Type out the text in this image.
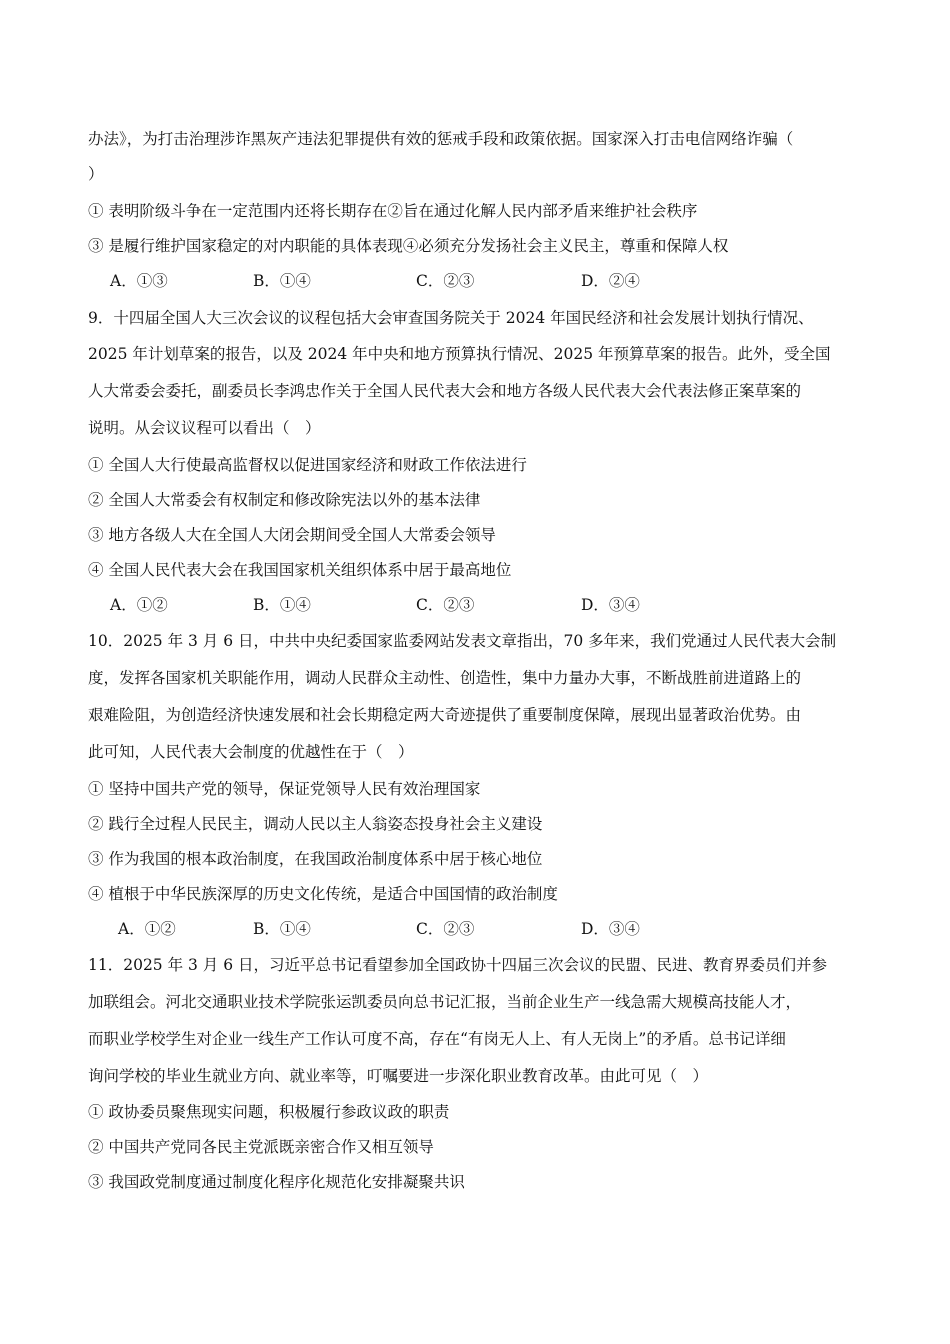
办法》，为打击治理涉诈黑灰产违法犯罪提供有效的惩戒手段和政策依据。国家深入打击电信网络诈骗（
）
① 表明阶级斗争在一定范围内还将长期存在②旨在通过化解人民内部矛盾来维护社会秩序
③ 是履行维护国家稳定的对内职能的具体表现④必须充分发扬社会主义民主，尊重和保障人权
A．①③	B．①④	C．②③	D．②④
9．十四届全国人大三次会议的议程包括大会审查国务院关于 2024 年国民经济和社会发展计划执行情况、
2025 年计划草案的报告，以及 2024 年中央和地方预算执行情况、2025 年预算草案的报告。此外，受全国
人大常委会委托，副委员长李鸿忠作关于全国人民代表大会和地方各级人民代表大会代表法修正案草案的
说明。从会议议程可以看出（　）
① 全国人大行使最高监督权以促进国家经济和财政工作依法进行
② 全国人大常委会有权制定和修改除宪法以外的基本法律
③ 地方各级人大在全国人大闭会期间受全国人大常委会领导
④ 全国人民代表大会在我国国家机关组织体系中居于最高地位
A．①②	B．①④	C．②③	D．③④
10．2025 年 3 月 6 日，中共中央纪委国家监委网站发表文章指出，70 多年来，我们党通过人民代表大会制
度，发挥各国家机关职能作用，调动人民群众主动性、创造性，集中力量办大事，不断战胜前进道路上的
艰难险阻，为创造经济快速发展和社会长期稳定两大奇迹提供了重要制度保障，展现出显著政治优势。由
此可知，人民代表大会制度的优越性在于（　）
① 坚持中国共产党的领导，保证党领导人民有效治理国家
② 践行全过程人民民主，调动人民以主人翁姿态投身社会主义建设
③ 作为我国的根本政治制度，在我国政治制度体系中居于核心地位
④ 植根于中华民族深厚的历史文化传统，是适合中国国情的政治制度
A．①②	B．①④	C．②③	D．③④
11．2025 年 3 月 6 日，习近平总书记看望参加全国政协十四届三次会议的民盟、民进、教育界委员们并参
加联组会。河北交通职业技术学院张运凯委员向总书记汇报，当前企业生产一线急需大规模高技能人才，
而职业学校学生对企业一线生产工作认可度不高，存在“有岗无人上、有人无岗上”的矛盾。总书记详细
询问学校的毕业生就业方向、就业率等，叮嘱要进一步深化职业教育改革。由此可见（　）
① 政协委员聚焦现实问题，积极履行参政议政的职责
② 中国共产党同各民主党派既亲密合作又相互领导
③ 我国政党制度通过制度化程序化规范化安排凝聚共识
